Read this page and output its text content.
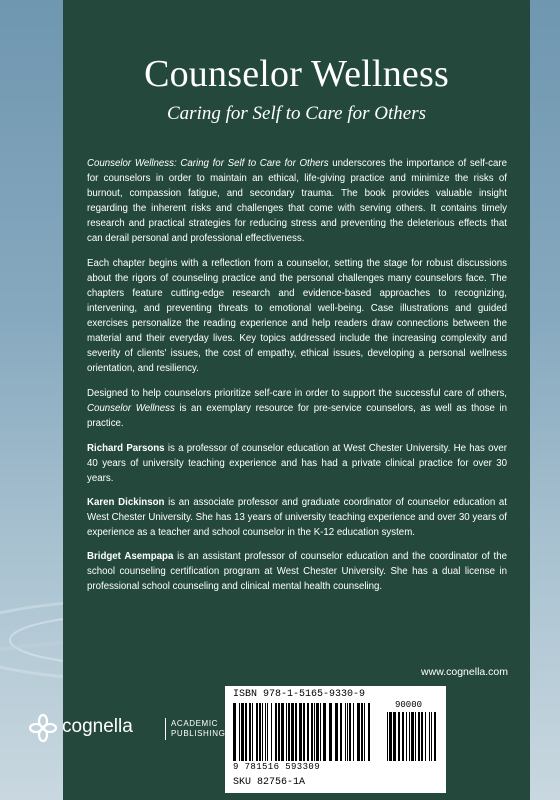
Counselor Wellness
Caring for Self to Care for Others

Counselor Wellness: Caring for Self to Care for Others underscores the importance of self-care for counselors in order to maintain an ethical, life-giving practice and minimize the risks of burnout, compassion fatigue, and secondary trauma. The book provides valuable insight regarding the inherent risks and challenges that come with serving others. It contains timely research and practical strategies for reducing stress and preventing the deleterious effects that can derail personal and professional effectiveness.

Each chapter begins with a reflection from a counselor, setting the stage for robust discussions about the rigors of counseling practice and the personal challenges many counselors face. The chapters feature cutting-edge research and evidence-based approaches to recognizing, intervening, and preventing threats to emotional well-being. Case illustrations and guided exercises personalize the reading experience and help readers draw connections between the material and their everyday lives. Key topics addressed include the increasing complexity and severity of clients' issues, the cost of empathy, ethical issues, developing a personal wellness orientation, and resiliency.

Designed to help counselors prioritize self-care in order to support the successful care of others, Counselor Wellness is an exemplary resource for pre-service counselors, as well as those in practice.

Richard Parsons is a professor of counselor education at West Chester University. He has over 40 years of university teaching experience and has had a private clinical practice for over 30 years.

Karen Dickinson is an associate professor and graduate coordinator of counselor education at West Chester University. She has 13 years of university teaching experience and over 30 years of experience as a teacher and school counselor in the K-12 education system.

Bridget Asempapa is an assistant professor of counselor education and the coordinator of the school counseling certification program at West Chester University. She has a dual license in professional school counseling and clinical mental health counseling.

www.cognella.com
cognella	ACADEMIC
PUBLISHING
ISBN 978-1-5165-9330-9
90000
9 781516 593309
SKU 82756-1A
